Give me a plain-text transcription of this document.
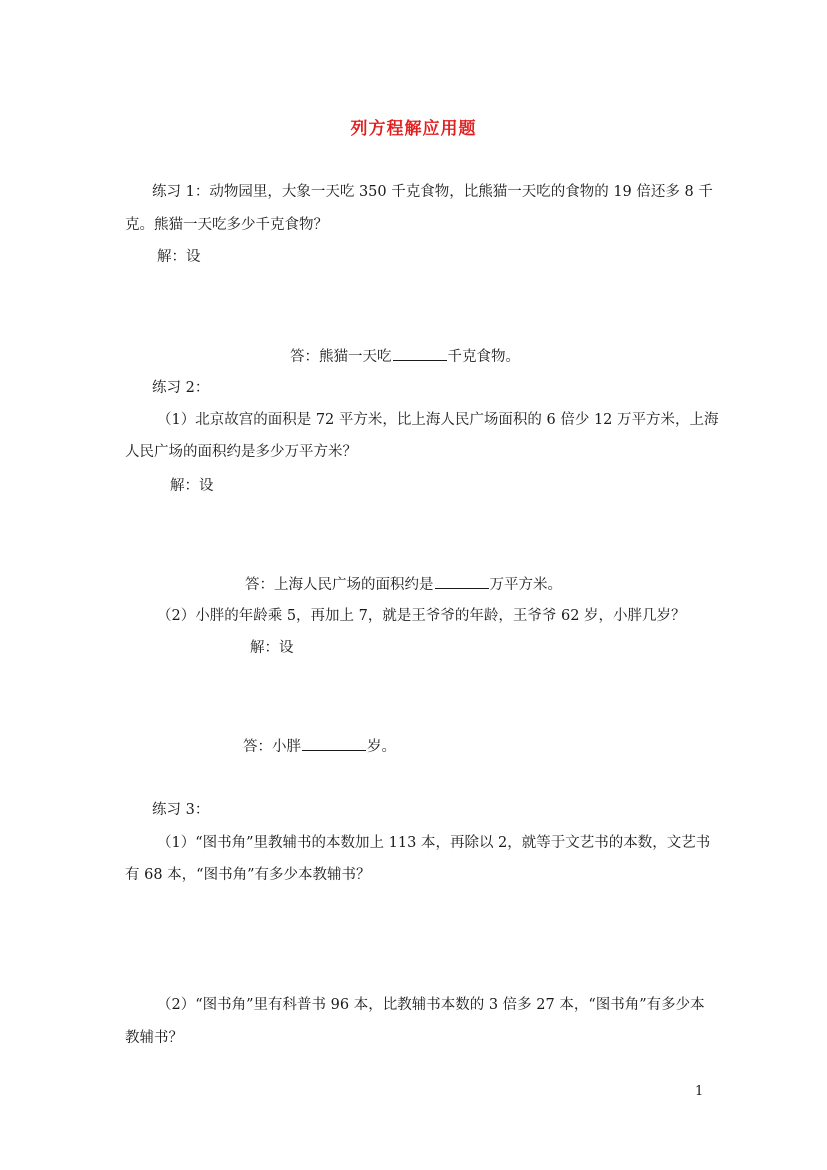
列方程解应用题
练习 1：动物园里，大象一天吃 350 千克食物，比熊猫一天吃的食物的 19 倍还多 8 千
克。熊猫一天吃多少千克食物？
解：设
答：熊猫一天吃	千克食物。
练习 2：
（1）北京故宫的面积是 72 平方米，比上海人民广场面积的 6 倍少 12 万平方米，上海
人民广场的面积约是多少万平方米？
解：设
答：上海人民广场的面积约是	万平方米。
（2）小胖的年龄乘 5，再加上 7，就是王爷爷的年龄，王爷爷 62 岁，小胖几岁？
解：设
答：小胖	岁。
练习 3：
（1）“图书角”里教辅书的本数加上 113 本，再除以 2，就等于文艺书的本数，文艺书
有 68 本，“图书角”有多少本教辅书？
（2）“图书角”里有科普书 96 本，比教辅书本数的 3 倍多 27 本，“图书角”有多少本
教辅书？
1
